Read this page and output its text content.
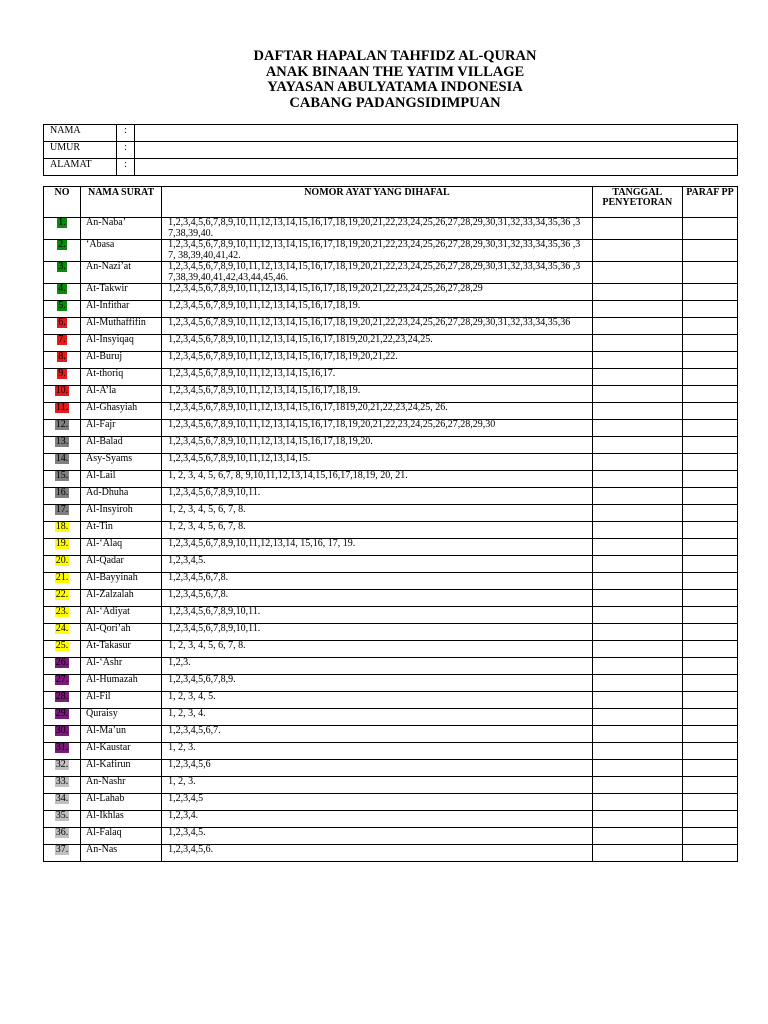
DAFTAR HAPALAN TAHFIDZ AL-QURAN
ANAK BINAAN THE YATIM VILLAGE
YAYASAN ABULYATAMA INDONESIA
CABANG PADANGSIDIMPUAN
NAMA	:	
UMUR	:	
ALAMAT	:	
NO	NAMA SURAT	NOMOR AYAT YANG DIHAFAL	TANGGAL PENYETORAN	PARAF PP
1.	An-Naba’	1,2,3,4,5,6,7,8,9,10,11,12,13,14,15,16,17,18,19,20,21,22,23,24,25,26,27,28,29,30,31,32,33,34,35,36 ,37,38,39,40.		
2.	‘Abasa	1,2,3,4,5,6,7,8,9,10,11,12,13,14,15,16,17,18,19,20,21,22,23,24,25,26,27,28,29,30,31,32,33,34,35,36 ,37, 38,39,40,41,42.		
3.	An-Nazi’at	1,2,3,4,5,6,7,8,9,10,11,12,13,14,15,16,17,18,19,20,21,22,23,24,25,26,27,28,29,30,31,32,33,34,35,36 ,37,38,39,40,41,42,43,44,45,46.		
4.	At-Takwir	1,2,3,4,5,6,7,8,9,10,11,12,13,14,15,16,17,18,19,20,21,22,23,24,25,26,27,28,29		
5.	Al-Infithar	1,2,3,4,5,6,7,8,9,10,11,12,13,14,15,16,17,18,19.		
6.	Al-Muthaffifin	1,2,3,4,5,6,7,8,9,10,11,12,13,14,15,16,17,18,19,20,21,22,23,24,25,26,27,28,29,30,31,32,33,34,35,36		
7.	Al-Insyiqaq	1,2,3,4,5,6,7,8,9,10,11,12,13,14,15,16,17,1819,20,21,22,23,24,25.		
8.	Al-Buruj	1,2,3,4,5,6,7,8,9,10,11,12,13,14,15,16,17,18,19,20,21,22.		
9.	At-thoriq	1,2,3,4,5,6,7,8,9,10,11,12,13,14,15,16,17.		
10.	Al-A’la	1,2,3,4,5,6,7,8,9,10,11,12,13,14,15,16,17,18,19.		
11.	Al-Ghasyiah	1,2,3,4,5,6,7,8,9,10,11,12,13,14,15,16,17,1819,20,21,22,23,24,25, 26.		
12.	Al-Fajr	1,2,3,4,5,6,7,8,9,10,11,12,13,14,15,16,17,18,19,20,21,22,23,24,25,26,27,28,29,30		
13.	Al-Balad	1,2,3,4,5,6,7,8,9,10,11,12,13,14,15,16,17,18,19,20.		
14.	Asy-Syams	1,2,3,4,5,6,7,8,9,10,11,12,13,14,15.		
15.	Al-Lail	1, 2, 3, 4, 5, 6,7, 8, 9,10,11,12,13,14,15,16,17,18,19, 20, 21.		
16.	Ad-Dhuha	1,2,3,4,5,6,7,8,9,10,11.		
17.	Al-Insyiroh	1, 2, 3, 4, 5, 6, 7, 8.		
18.	At-Tin	1, 2, 3, 4, 5, 6, 7, 8.		
19.	Al-‘Alaq	1,2,3,4,5,6,7,8,9,10,11,12,13,14, 15,16, 17, 19.		
20.	Al-Qadar	1,2,3,4,5.		
21.	Al-Bayyinah	1,2,3,4,5,6,7,8.		
22.	Al-Zalzalah	1,2,3,4,5,6,7,8.		
23.	Al-‘Adiyat	1,2,3,4,5,6,7,8,9,10,11.		
24.	Al-Qori’ah	1,2,3,4,5,6,7,8,9,10,11.		
25.	At-Takasur	1, 2, 3, 4, 5, 6, 7, 8.		
26.	Al-‘Ashr	1,2,3.		
27.	Al-Humazah	1,2,3,4,5,6,7,8,9.		
28.	Al-Fil	1, 2, 3, 4, 5.		
29.	Quraisy	1, 2, 3, 4.		
30.	Al-Ma’un	1,2,3,4,5,6,7.		
31.	Al-Kaustar	1, 2, 3.		
32.	Al-Kafirun	1,2,3,4,5,6		
33.	An-Nashr	1, 2, 3.		
34.	Al-Lahab	1,2,3,4,5		
35.	Al-Ikhlas	1,2,3,4.		
36.	Al-Falaq	1,2,3,4,5.		
37.	An-Nas	1,2,3,4,5,6.		
